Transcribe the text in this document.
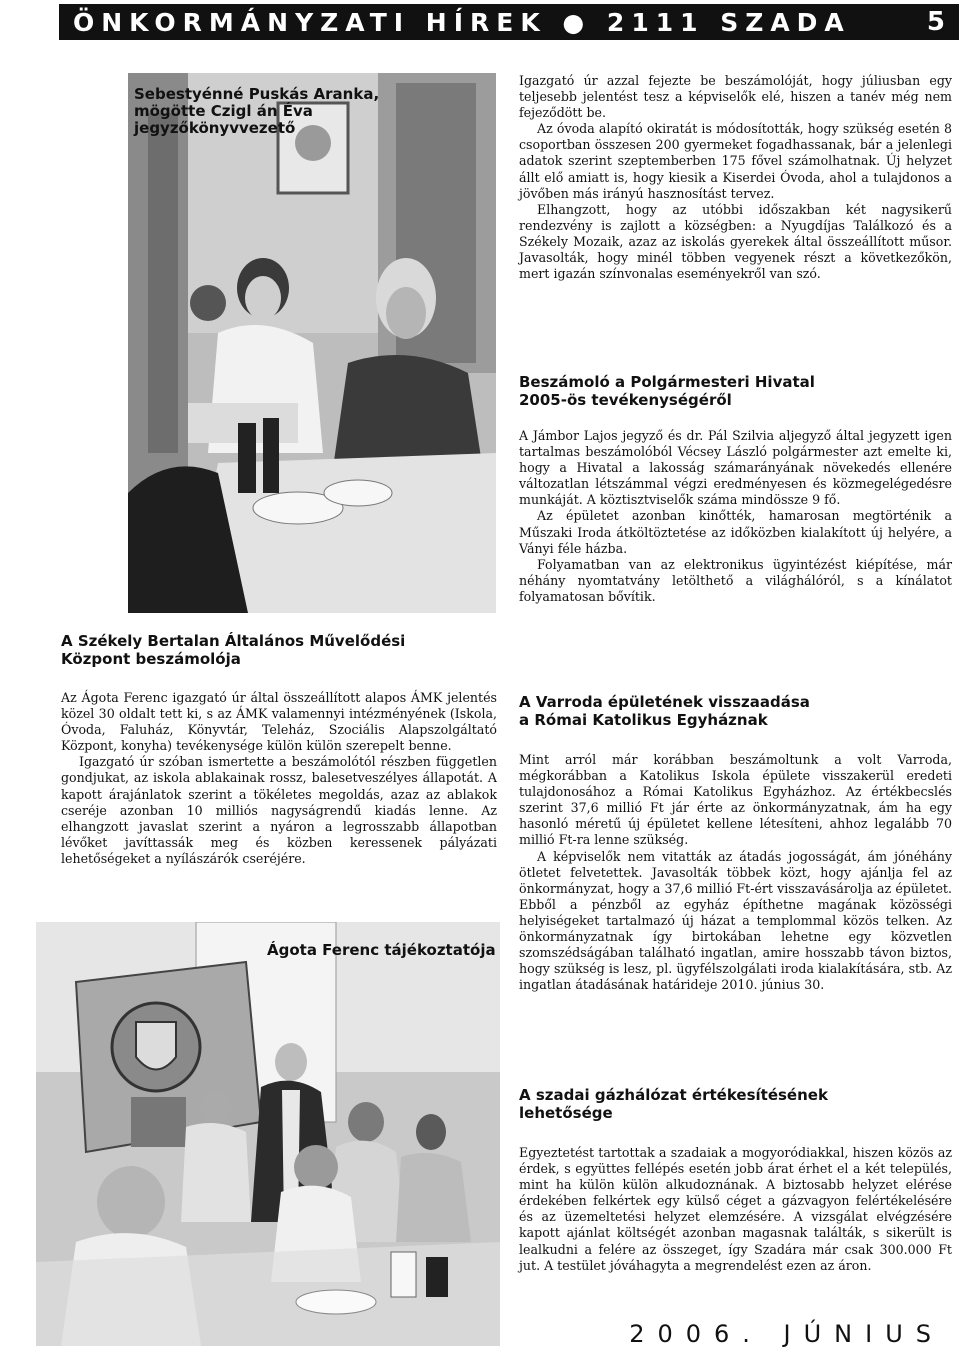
ÖNKORMÁNYZATI HÍREK ● 2111 SZADA	5
Sebestyénné Puskás Aranka,
mögötte Czigl án Éva
jegyzőkönyvvezető

Igazgató úr azzal fejezte be beszámolóját, hogy júliusban egy teljesebb jelentést tesz a képviselők elé, hiszen a tanév még nem fejeződött be.

Az óvoda alapító okiratát is módosították, hogy szükség esetén 8 csoportban összesen 200 gyermeket fogadhassanak, bár a jelenlegi adatok szerint szeptemberben 175 fővel számolhatnak. Új helyzet állt elő amiatt is, hogy kiesik a Kiserdei Óvoda, ahol a tulajdonos a jövőben más irányú hasznosítást tervez.

Elhangzott, hogy az utóbbi időszakban két nagysikerű rendezvény is zajlott a községben: a Nyugdíjas Találkozó és a Székely Mozaik, azaz az iskolás gyerekek által összeállított műsor. Javasolták, hogy minél többen vegyenek részt a következőkön, mert igazán színvonalas eseményekről van szó.

Beszámoló a Polgármesteri Hivatal
2005-ös tevékenységéről

A Jámbor Lajos jegyző és dr. Pál Szilvia aljegyző által jegyzett igen tartalmas beszámolóból Vécsey László polgármester azt emelte ki, hogy a Hivatal a lakosság számarányának növekedés ellenére változatlan létszámmal végzi eredményesen és közmegelégedésre munkáját. A köztisztviselők száma mindössze 9 fő.

Az épületet azonban kinőtték, hamarosan megtörténik a Műszaki Iroda átköltöztetése az időközben kialakított új helyére, a Ványi féle házba.

Folyamatban van az elektronikus ügyintézést kiépítése, már néhány nyomtatvány letölthető a világhálóról, s a kínálatot folyamatosan bővítik.

A Varroda épületének visszaadása
a Római Katolikus Egyháznak

Mint arról már korábban beszámoltunk a volt Varroda, mégkorábban a Katolikus Iskola épülete visszakerül eredeti tulajdonosához a Római Katolikus Egyházhoz. Az értékbecslés szerint 37,6 millió Ft jár érte az önkormányzatnak, ám ha egy hasonló méretű új épületet kellene létesíteni, ahhoz legalább 70 millió Ft-ra lenne szükség.

A képviselők nem vitatták az átadás jogosságát, ám jónéhány ötletet felvetettek. Javasolták többek közt, hogy ajánlja fel az önkormányzat, hogy a 37,6 millió Ft-ért visszavásárolja az épületet. Ebből a pénzből az egyház építhetne magának közösségi helyiségeket tartalmazó új házat a templommal közös telken. Az önkormányzatnak így birtokában lehetne egy közvetlen szomszédságában található ingatlan, amire hosszabb távon biztos, hogy szükség is lesz, pl. ügyfélszolgálati iroda kialakítására, stb. Az ingatlan átadásának határideje 2010. június 30.

A szadai gázhálózat értékesítésének
lehetősége

Egyeztetést tartottak a szadaiak a mogyoródiakkal, hiszen közös az érdek, s együttes fellépés esetén jobb árat érhet el a két település, mint ha külön külön alkudoznának. A biztosabb helyzet elérése érdekében felkértek egy külső céget a gázvagyon felértékelésére és az üzemeltetési helyzet elemzésére. A vizsgálat elvégzésére kapott ajánlat költségét azonban magasnak találták, s sikerült is lealkudni a felére az összeget, így Szadára már csak 300.000 Ft jut. A testület jóváhagyta a megrendelést ezen az áron.

A Székely Bertalan Általános Művelődési
Központ beszámolója

Az Ágota Ferenc igazgató úr által összeállított alapos ÁMK jelentés közel 30 oldalt tett ki, s az ÁMK valamennyi intézményének (Iskola, Óvoda, Faluház, Könyvtár, Teleház, Szociális Alapszolgáltató Központ, konyha) tevékenysége külön külön szerepelt benne.

Igazgató úr szóban ismertette a beszámolótól részben független gondjukat, az iskola ablakainak rossz, balesetveszélyes állapotát. A kapott árajánlatok szerint a tökéletes megoldás, azaz az ablakok cseréje azonban 10 milliós nagyságrendű kiadás lenne. Az elhangzott javaslat szerint a nyáron a legrosszabb állapotban lévőket javíttassák meg és közben keressenek pályázati lehetőségeket a nyílászárók cseréjére.

Ágota Ferenc tájékoztatója
2006. JÚNIUS
